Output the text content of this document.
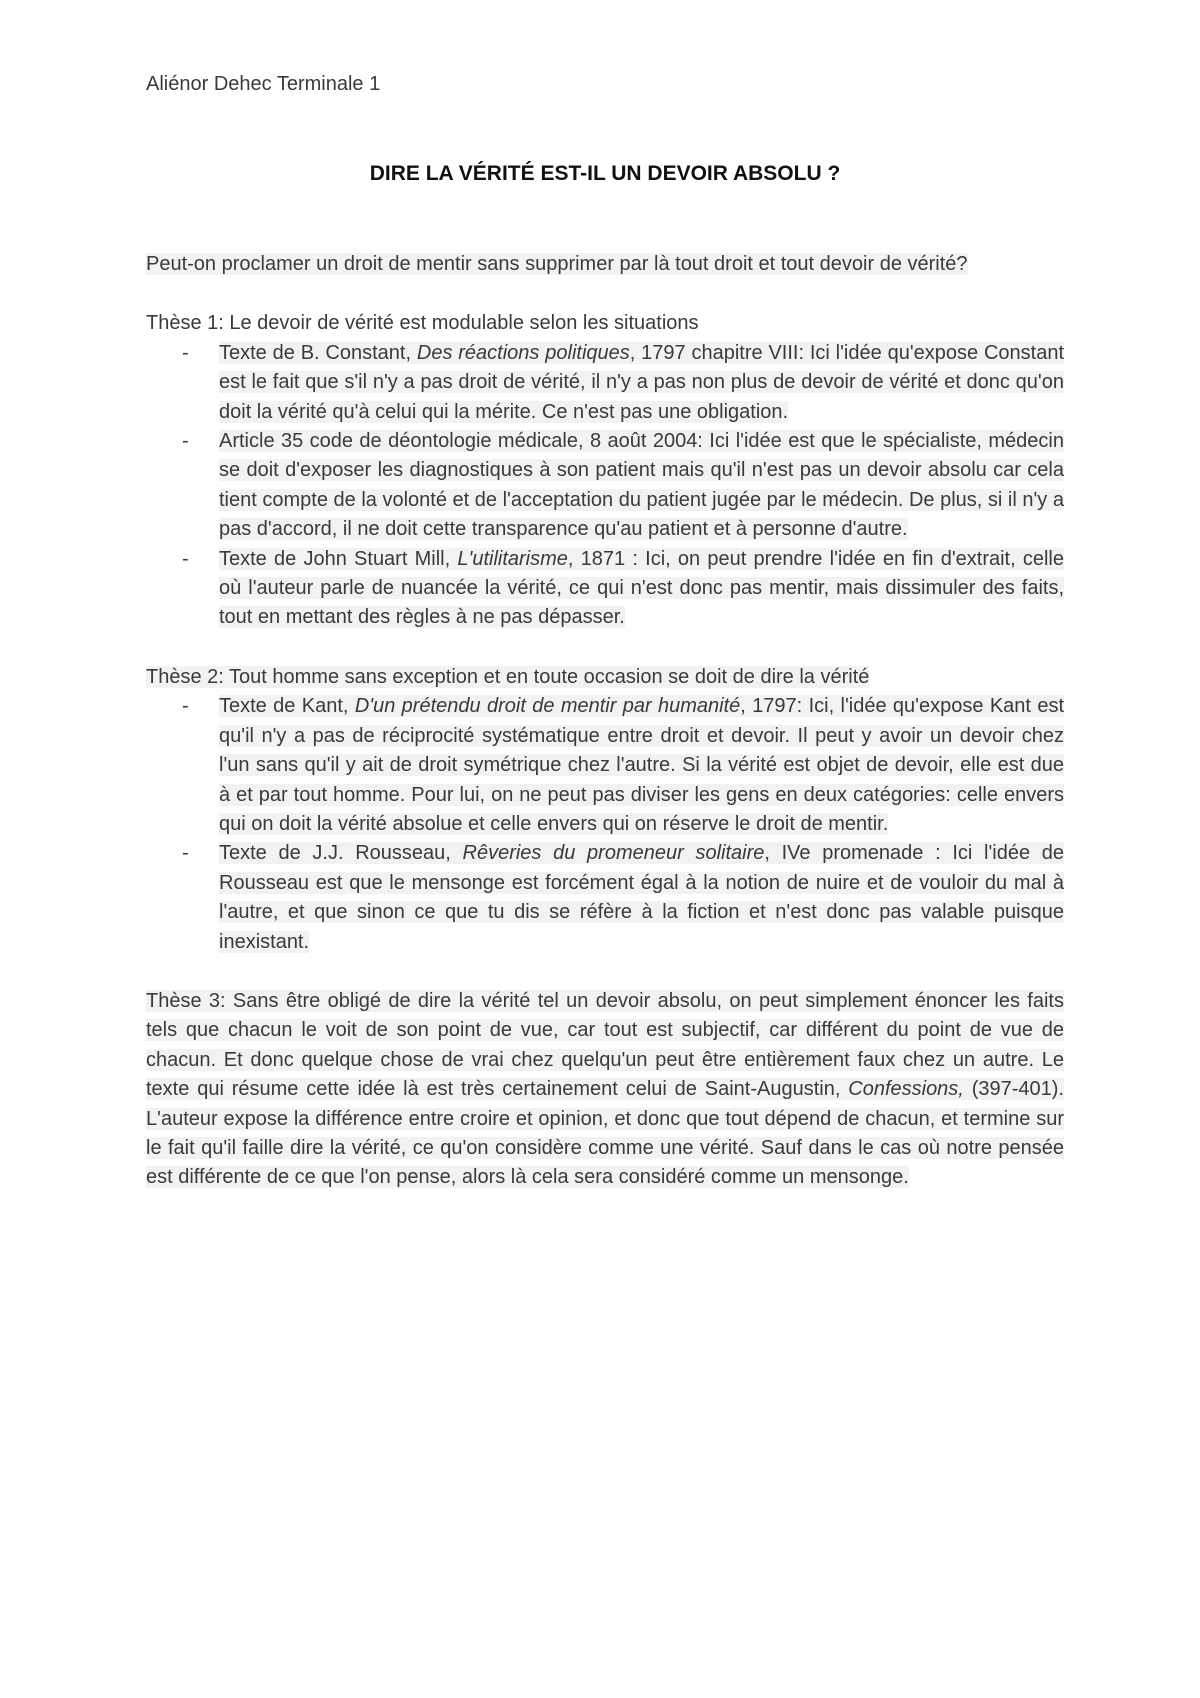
Aliénor Dehec Terminale 1

DIRE LA VÉRITÉ EST-IL UN DEVOIR ABSOLU ?

Peut-on proclamer un droit de mentir sans supprimer par là tout droit et tout devoir de vérité?

Thèse 1: Le devoir de vérité est modulable selon les situations

- Texte de B. Constant, Des réactions politiques, 1797 chapitre VIII: Ici l'idée qu'expose Constant est le fait que s'il n'y a pas droit de vérité, il n'y a pas non plus de devoir de vérité et donc qu'on doit la vérité qu'à celui qui la mérite. Ce n'est pas une obligation.
- Article 35 code de déontologie médicale, 8 août 2004: Ici l'idée est que le spécialiste, médecin se doit d'exposer les diagnostiques à son patient mais qu'il n'est pas un devoir absolu car cela tient compte de la volonté et de l'acceptation du patient jugée par le médecin. De plus, si il n'y a pas d'accord, il ne doit cette transparence qu'au patient et à personne d'autre.
- Texte de John Stuart Mill, L'utilitarisme, 1871 : Ici, on peut prendre l'idée en fin d'extrait, celle où l'auteur parle de nuancée la vérité, ce qui n'est donc pas mentir, mais dissimuler des faits, tout en mettant des règles à ne pas dépasser.

Thèse 2: Tout homme sans exception et en toute occasion se doit de dire la vérité

- Texte de Kant, D'un prétendu droit de mentir par humanité, 1797: Ici, l'idée qu'expose Kant est qu'il n'y a pas de réciprocité systématique entre droit et devoir. Il peut y avoir un devoir chez l'un sans qu'il y ait de droit symétrique chez l'autre. Si la vérité est objet de devoir, elle est due à et par tout homme. Pour lui, on ne peut pas diviser les gens en deux catégories: celle envers qui on doit la vérité absolue et celle envers qui on réserve le droit de mentir.
- Texte de J.J. Rousseau, Rêveries du promeneur solitaire, IVe promenade : Ici l'idée de Rousseau est que le mensonge est forcément égal à la notion de nuire et de vouloir du mal à l'autre, et que sinon ce que tu dis se réfère à la fiction et n'est donc pas valable puisque inexistant.

Thèse 3: Sans être obligé de dire la vérité tel un devoir absolu, on peut simplement énoncer les faits tels que chacun le voit de son point de vue, car tout est subjectif, car différent du point de vue de chacun. Et donc quelque chose de vrai chez quelqu'un peut être entièrement faux chez un autre. Le texte qui résume cette idée là est très certainement celui de Saint-Augustin, Confessions, (397-401). L'auteur expose la différence entre croire et opinion, et donc que tout dépend de chacun, et termine sur le fait qu'il faille dire la vérité, ce qu'on considère comme une vérité. Sauf dans le cas où notre pensée est différente de ce que l'on pense, alors là cela sera considéré comme un mensonge.
